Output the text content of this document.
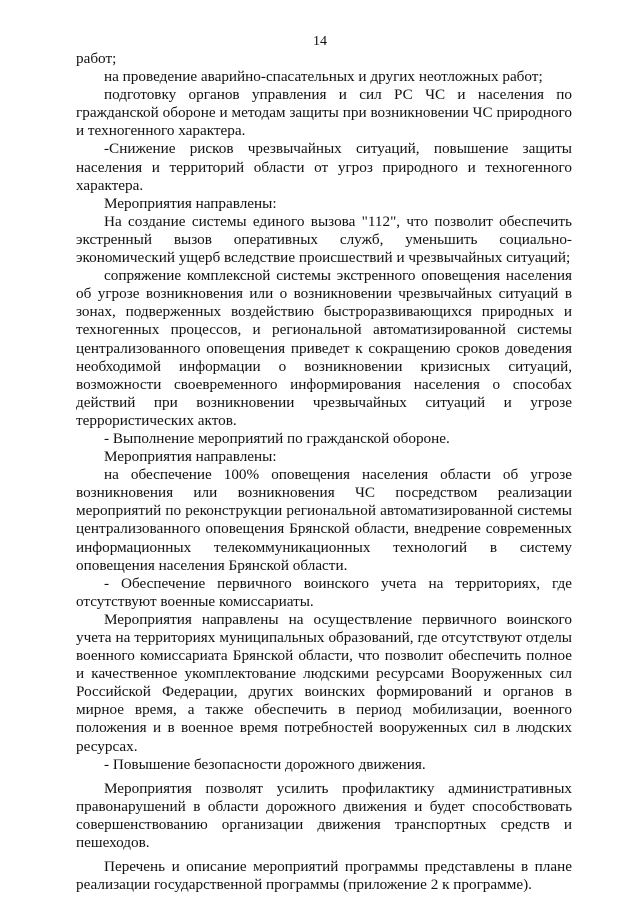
14

работ;

на проведение аварийно-спасательных и других неотложных работ;

подготовку органов управления и сил РС ЧС и населения по гражданской обороне и методам защиты при возникновении ЧС природного и техногенного характера.

-Снижение рисков чрезвычайных ситуаций, повышение защиты населения и территорий области от угроз природного и техногенного характера.

Мероприятия направлены:

На создание системы единого вызова "112", что позволит обеспечить экстренный вызов оперативных служб, уменьшить социально-экономический ущерб вследствие происшествий и чрезвычайных ситуаций;

сопряжение комплексной системы экстренного оповещения населения об угрозе возникновения или о возникновении чрезвычайных ситуаций в зонах, подверженных воздействию быстроразвивающихся природных и техногенных процессов, и региональной автоматизированной системы централизованного оповещения приведет к сокращению сроков доведения необходимой информации о возникновении кризисных ситуаций, возможности своевременного информирования населения о способах действий при возникновении чрезвычайных ситуаций и угрозе террористических актов.

- Выполнение мероприятий по гражданской обороне.

Мероприятия направлены:

на обеспечение 100% оповещения населения области об угрозе возникновения или возникновения ЧС посредством реализации мероприятий по реконструкции региональной автоматизированной системы централизованного оповещения Брянской области, внедрение современных информационных телекоммуникационных технологий в систему оповещения населения Брянской области.

- Обеспечение первичного воинского учета на территориях, где отсутствуют военные комиссариаты.

Мероприятия направлены на осуществление первичного воинского учета на территориях муниципальных образований, где отсутствуют отделы военного комиссариата Брянской области, что позволит обеспечить полное и качественное укомплектование людскими ресурсами Вооруженных сил Российской Федерации, других воинских формирований и органов в мирное время, а также обеспечить в период мобилизации, военного положения и в военное время потребностей вооруженных сил в людских ресурсах.

- Повышение безопасности дорожного движения.

Мероприятия позволят усилить профилактику административных правонарушений в области дорожного движения и будет способствовать совершенствованию организации движения транспортных средств и пешеходов.

Перечень и описание мероприятий программы представлены в плане реализации государственной программы (приложение 2 к программе).
